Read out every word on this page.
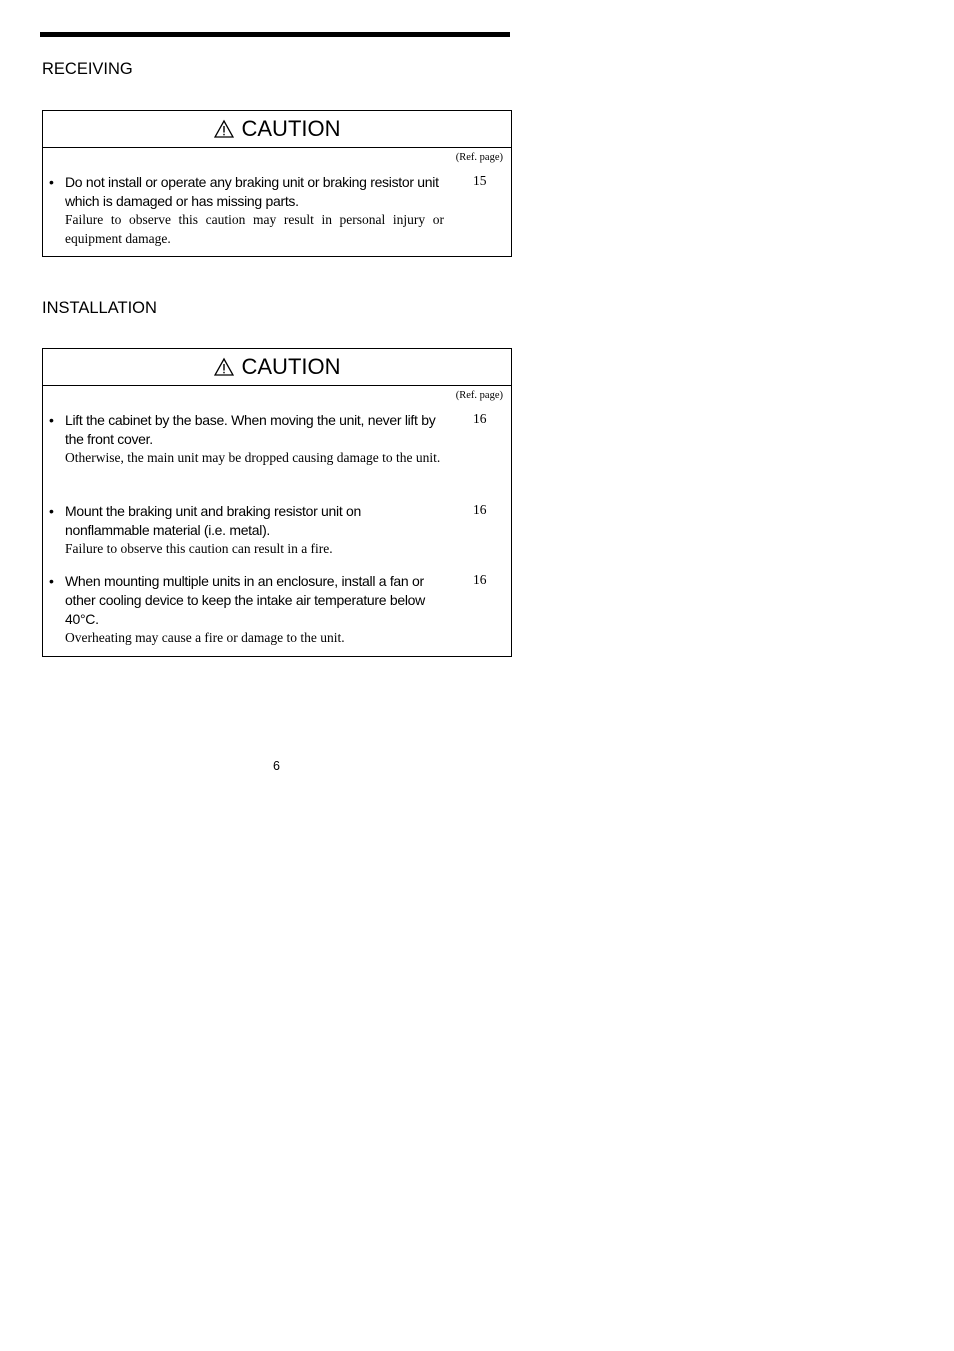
RECEIVING
CAUTION
(Ref. page)
• Do not install or operate any braking unit or braking resistor unit which is damaged or has missing parts.
Failure to observe this caution may result in personal injury or equipment damage.
15
INSTALLATION
CAUTION
(Ref. page)
• Lift the cabinet by the base. When moving the unit, never lift by the front cover.
Otherwise, the main unit may be dropped causing damage to the unit.
16
• Mount the braking unit and braking resistor unit on nonflammable material (i.e. metal).
Failure to observe this caution can result in a fire.
16
• When mounting multiple units in an enclosure, install a fan or other cooling device to keep the intake air temperature below 40°C.
Overheating may cause a fire or damage to the unit.
16
6
